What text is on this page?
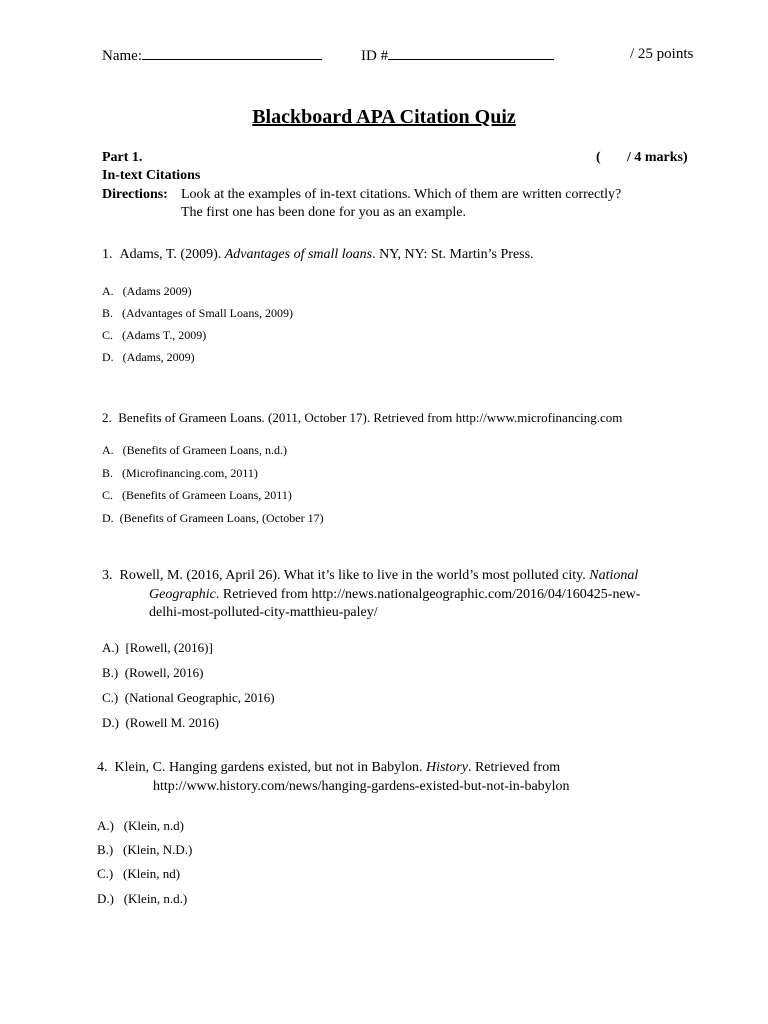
Name:	ID #	/ 25 points
Blackboard APA Citation Quiz
Part 1.	( / 4 marks)
In-text Citations
Directions: Look at the examples of in-text citations. Which of them are written correctly?
The first one has been done for you as an example.
1. Adams, T. (2009). Advantages of small loans. NY, NY: St. Martin’s Press.
A. (Adams 2009)
B. (Advantages of Small Loans, 2009)
C. (Adams T., 2009)
D. (Adams, 2009)
2. Benefits of Grameen Loans. (2011, October 17). Retrieved from http://www.microfinancing.com
A. (Benefits of Grameen Loans, n.d.)
B. (Microfinancing.com, 2011)
C. (Benefits of Grameen Loans, 2011)
D. (Benefits of Grameen Loans, (October 17)
3. Rowell, M. (2016, April 26). What it’s like to live in the world’s most polluted city. National
Geographic. Retrieved from http://news.nationalgeographic.com/2016/04/160425-new-
delhi-most-polluted-city-matthieu-paley/
A.) [Rowell, (2016)]
B.) (Rowell, 2016)
C.) (National Geographic, 2016)
D.) (Rowell M. 2016)
4. Klein, C. Hanging gardens existed, but not in Babylon. History. Retrieved from
http://www.history.com/news/hanging-gardens-existed-but-not-in-babylon
A.) (Klein, n.d)
B.) (Klein, N.D.)
C.) (Klein, nd)
D.) (Klein, n.d.)
